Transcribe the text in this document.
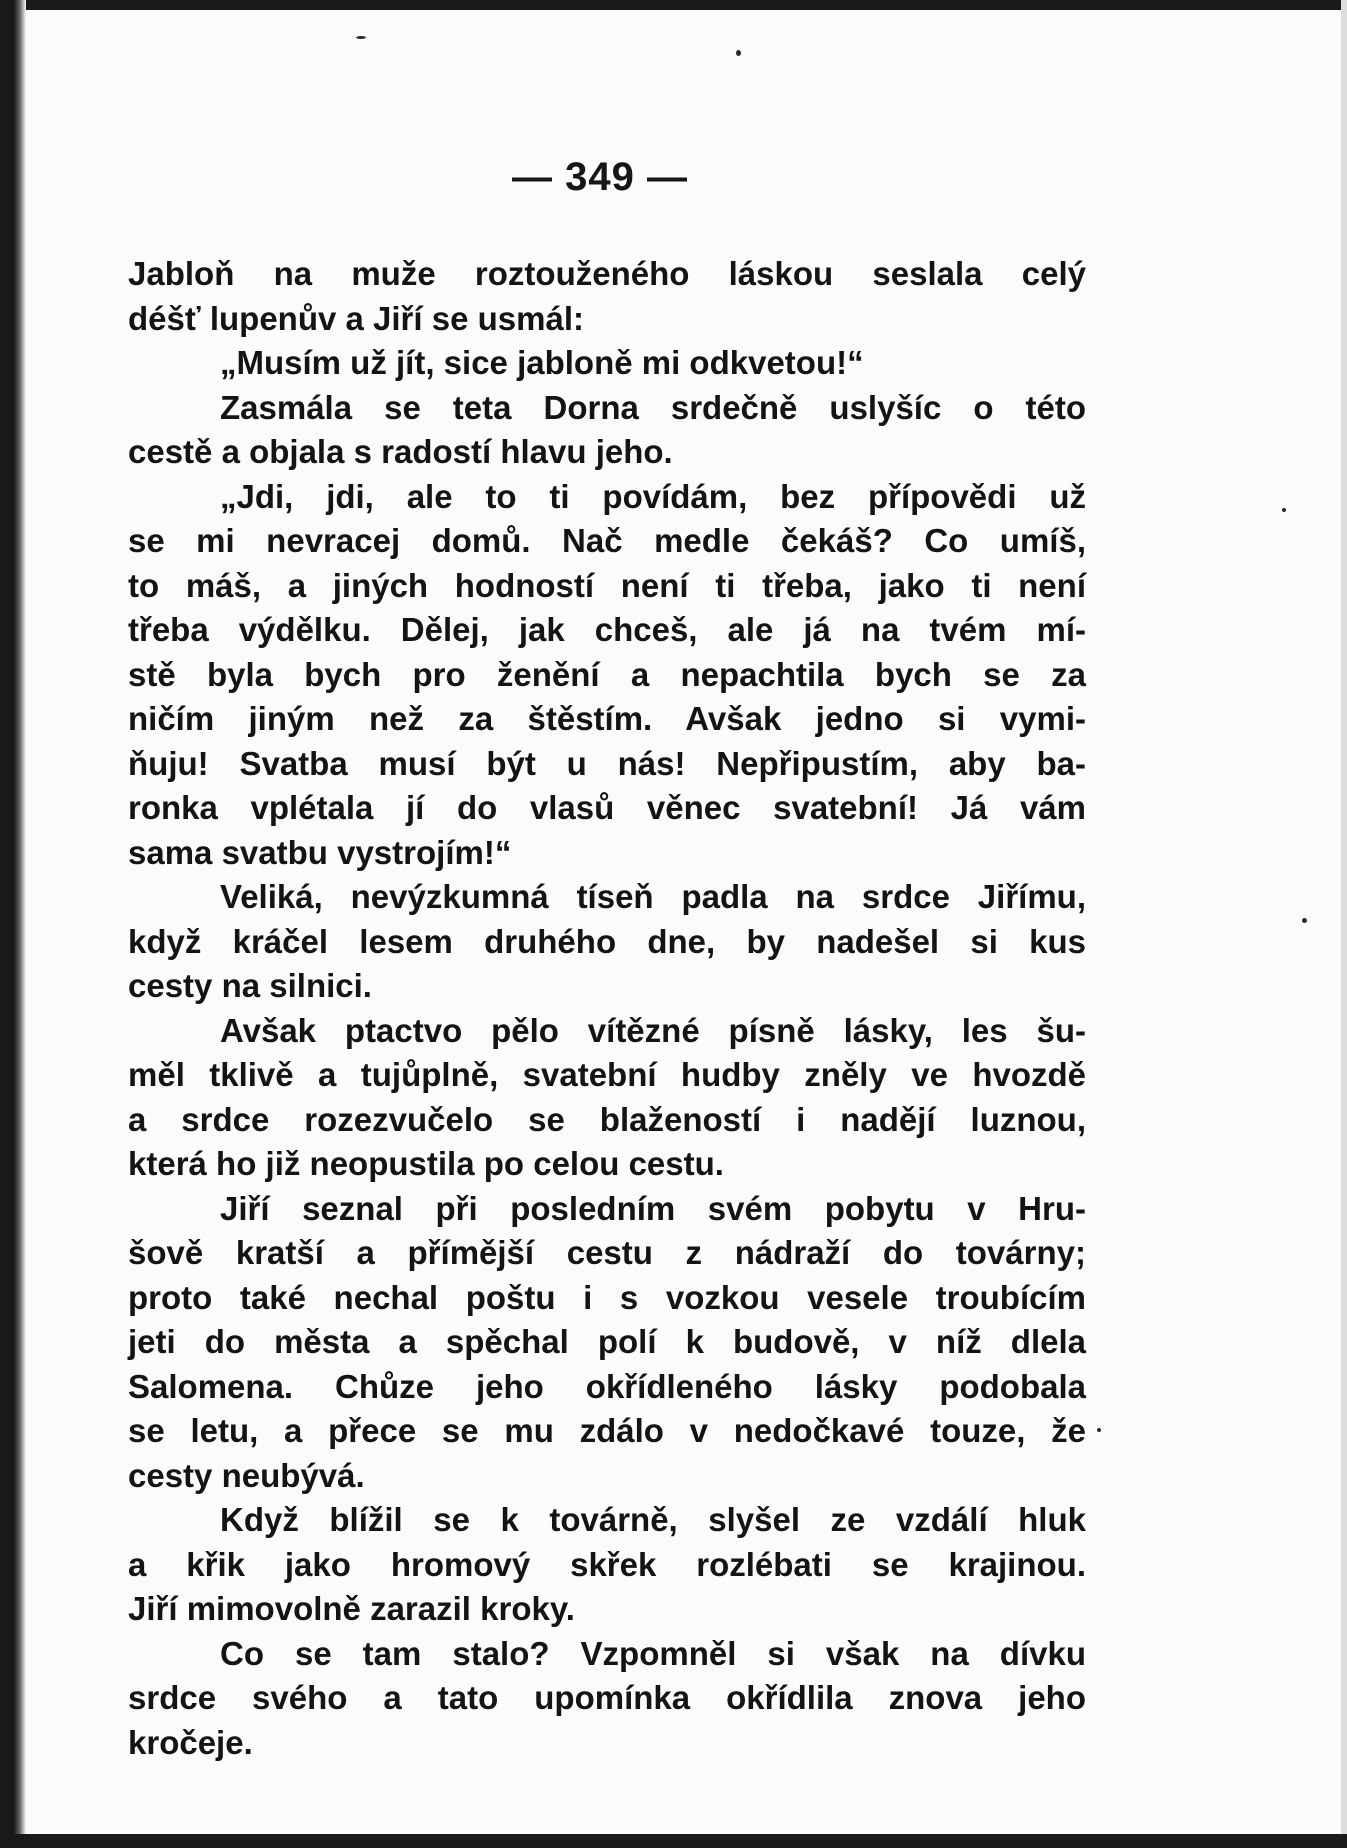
— 349 —
Jabloň na muže roztouženého láskou seslala celý
déšť lupenův a Jiří se usmál:
„Musím už jít, sice jabloně mi odkvetou!“
Zasmála se teta Dorna srdečně uslyšíc o této
cestě a objala s radostí hlavu jeho.
„Jdi, jdi, ale to ti povídám, bez přípovědi už
se mi nevracej domů. Nač medle čekáš? Co umíš,
to máš, a jiných hodností není ti třeba, jako ti není
třeba výdělku. Dělej, jak chceš, ale já na tvém mí-
stě byla bych pro ženění a nepachtila bych se za
ničím jiným než za štěstím. Avšak jedno si vymi-
ňuju! Svatba musí být u nás! Nepřipustím, aby ba-
ronka vplétala jí do vlasů věnec svatební! Já vám
sama svatbu vystrojím!“
Veliká, nevýzkumná tíseň padla na srdce Jiřímu,
když kráčel lesem druhého dne, by nadešel si kus
cesty na silnici.
Avšak ptactvo pělo vítězné písně lásky, les šu-
měl tklivě a tujůplně, svatební hudby zněly ve hvozdě
a srdce rozezvučelo se blažeností i nadějí luznou,
která ho již neopustila po celou cestu.
Jiří seznal při posledním svém pobytu v Hru-
šově kratší a přímější cestu z nádraží do továrny;
proto také nechal poštu i s vozkou vesele troubícím
jeti do města a spěchal polí k budově, v níž dlela
Salomena. Chůze jeho okřídleného lásky podobala
se letu, a přece se mu zdálo v nedočkavé touze, že
cesty neubývá.
Když blížil se k továrně, slyšel ze vzdálí hluk
a křik jako hromový skřek rozlébati se krajinou.
Jiří mimovolně zarazil kroky.
Co se tam stalo? Vzpomněl si však na dívku
srdce svého a tato upomínka okřídlila znova jeho
kročeje.
